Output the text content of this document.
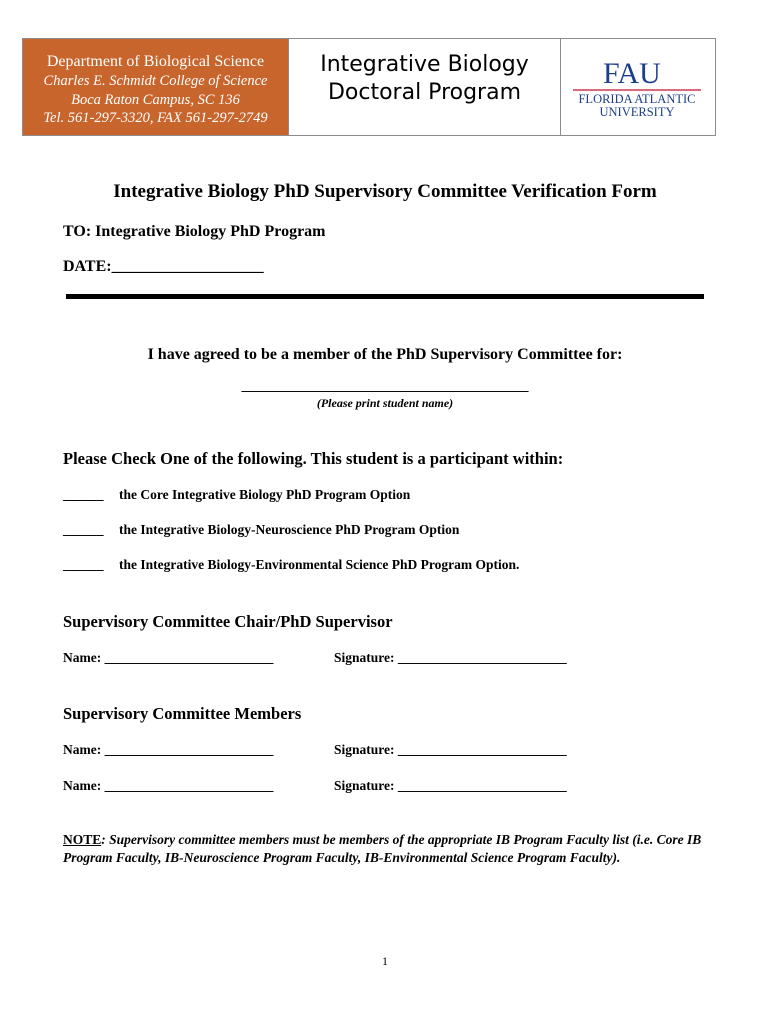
Department of Biological Science
Charles E. Schmidt College of Science
Boca Raton Campus, SC 136
Tel. 561-297-3320, FAX 561-297-2749
Integrative Biology
Doctoral Program
FAU
FLORIDA ATLANTIC
UNIVERSITY
Integrative Biology PhD Supervisory Committee Verification Form
TO: Integrative Biology PhD Program
DATE:___________________
I have agreed to be a member of the PhD Supervisory Committee for:
_________________________________________
(Please print student name)
Please Check One of the following. This student is a participant within:
______ the Core Integrative Biology PhD Program Option
______ the Integrative Biology-Neuroscience PhD Program Option
______ the Integrative Biology-Environmental Science PhD Program Option.
Supervisory Committee Chair/PhD Supervisor
Name: _________________________	Signature: _________________________
Supervisory Committee Members
Name: _________________________	Signature: _________________________
Name: _________________________	Signature: _________________________
NOTE: Supervisory committee members must be members of the appropriate IB Program Faculty list (i.e. Core IB Program Faculty, IB-Neuroscience Program Faculty, IB-Environmental Science Program Faculty).
1
